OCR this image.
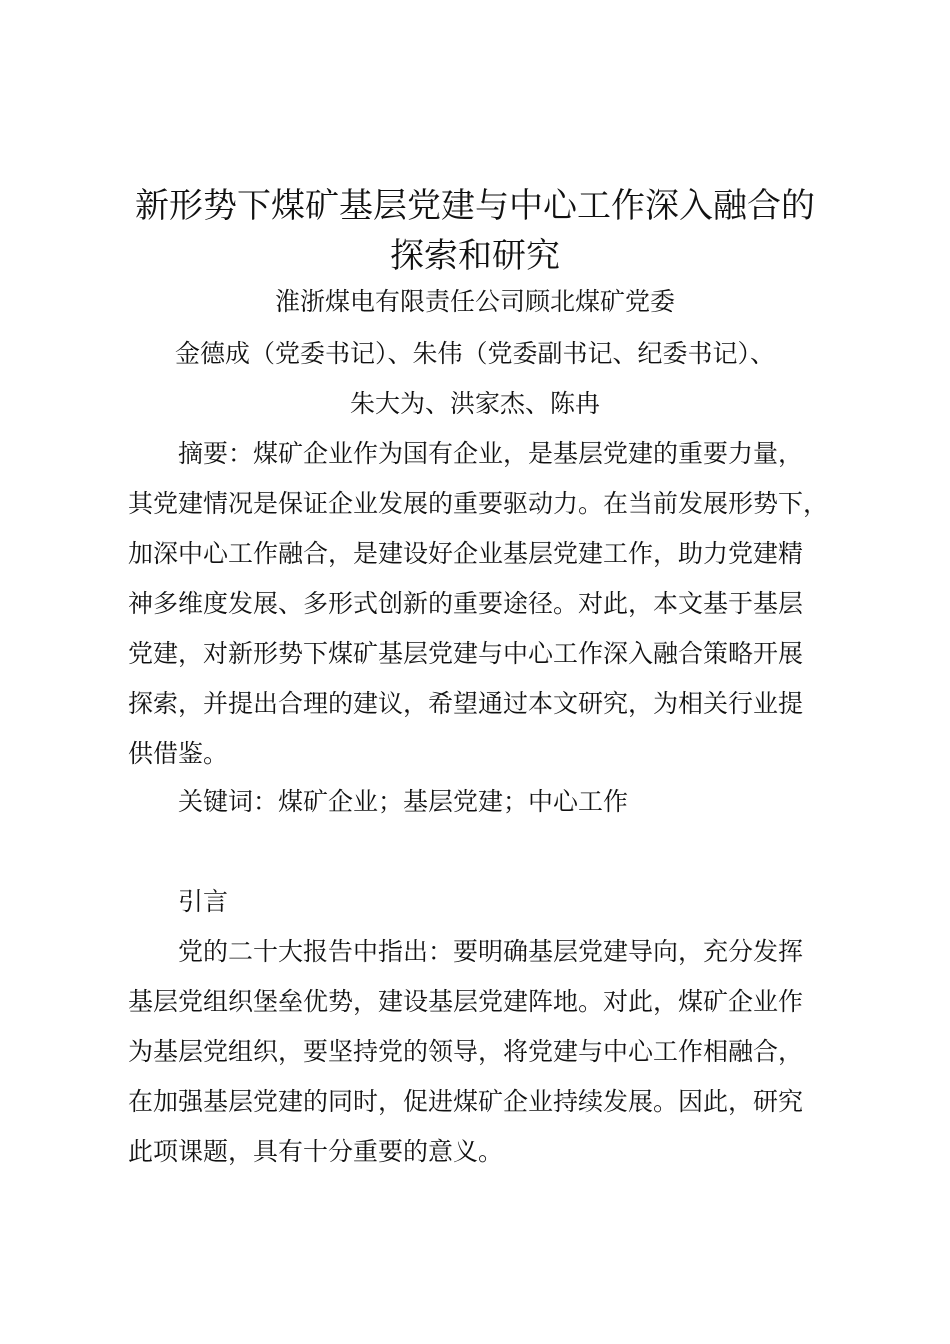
新形势下煤矿基层党建与中心工作深入融合的
探索和研究
淮浙煤电有限责任公司顾北煤矿党委
金德成（党委书记）、朱伟（党委副书记、纪委书记）、
朱大为、洪家杰、陈冉
摘要：煤矿企业作为国有企业，是基层党建的重要力量，
其党建情况是保证企业发展的重要驱动力。在当前发展形势下，
加深中心工作融合，是建设好企业基层党建工作，助力党建精
神多维度发展、多形式创新的重要途径。对此，本文基于基层
党建，对新形势下煤矿基层党建与中心工作深入融合策略开展
探索，并提出合理的建议，希望通过本文研究，为相关行业提
供借鉴。
关键词：煤矿企业；基层党建；中心工作
引言
党的二十大报告中指出：要明确基层党建导向，充分发挥
基层党组织堡垒优势，建设基层党建阵地。对此，煤矿企业作
为基层党组织，要坚持党的领导，将党建与中心工作相融合，
在加强基层党建的同时，促进煤矿企业持续发展。因此，研究
此项课题，具有十分重要的意义。
